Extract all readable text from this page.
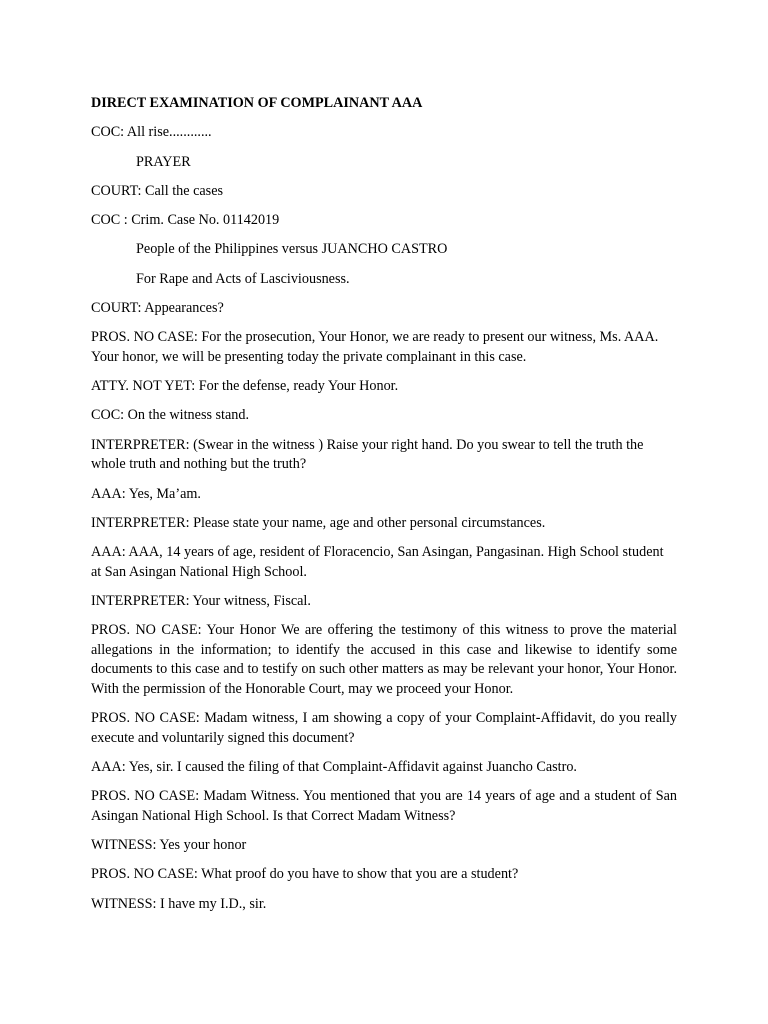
DIRECT EXAMINATION OF COMPLAINANT AAA

COC: All rise............

PRAYER

COURT: Call the cases

COC : Crim. Case No. 01142019

People of the Philippines versus JUANCHO CASTRO

For Rape and Acts of Lasciviousness.

COURT: Appearances?

PROS. NO CASE: For the prosecution, Your Honor, we are ready to present our witness, Ms. AAA. Your honor, we will be presenting today the private complainant in this case.

ATTY. NOT YET: For the defense, ready Your Honor.

COC: On the witness stand.

INTERPRETER: (Swear in the witness ) Raise your right hand. Do you swear to tell the truth the whole truth and nothing but the truth?

AAA: Yes, Ma’am.

INTERPRETER: Please state your name, age and other personal circumstances.

AAA: AAA, 14 years of age, resident of Floracencio, San Asingan, Pangasinan. High School student at San Asingan National High School.

INTERPRETER: Your witness, Fiscal.

PROS. NO CASE: Your Honor We are offering the testimony of this witness to prove the material allegations in the information; to identify the accused in this case and likewise to identify some documents to this case and to testify on such other matters as may be relevant your honor, Your Honor. With the permission of the Honorable Court, may we proceed your Honor.

PROS. NO CASE: Madam witness, I am showing a copy of your Complaint-Affidavit, do you really execute and voluntarily signed this document?

AAA: Yes, sir. I caused the filing of that Complaint-Affidavit against Juancho Castro.

PROS. NO CASE: Madam Witness. You mentioned that you are 14 years of age and a student of San Asingan National High School. Is that Correct Madam Witness?

WITNESS: Yes your honor

PROS. NO CASE: What proof do you have to show that you are a student?

WITNESS: I have my I.D., sir.
